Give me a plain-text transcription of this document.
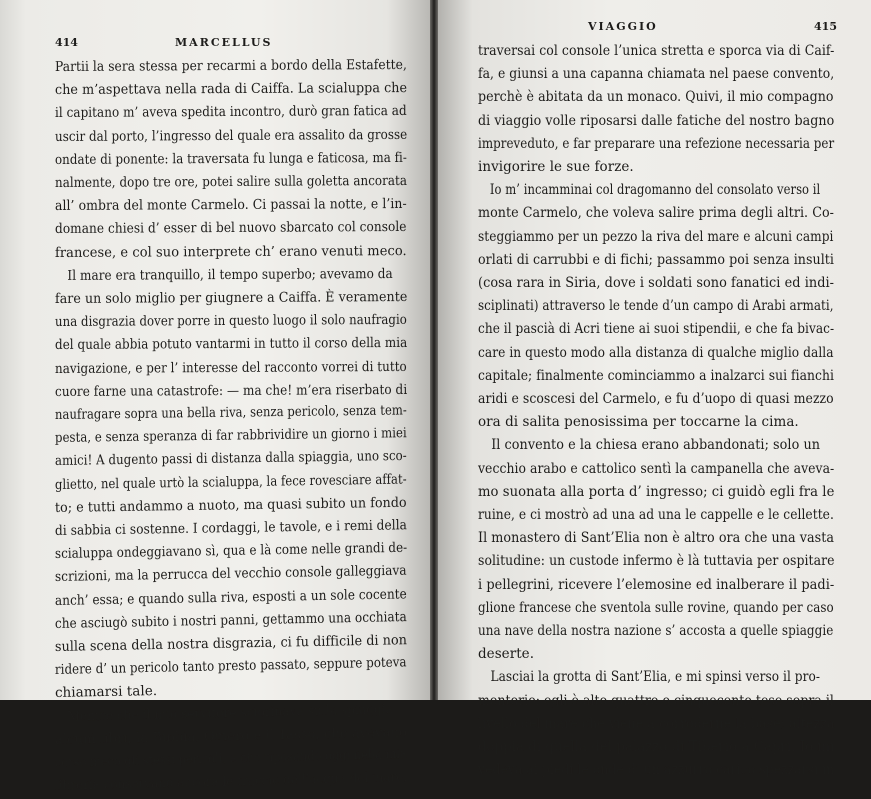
414	MARCELLUS
Partii la sera stessa per recarmi a bordo della Estafette,
che m’aspettava nella rada di Caiffa. La scialuppa che
il capitano m’ aveva spedita incontro, durò gran fatica ad
uscir dal porto, l’ingresso del quale era assalito da grosse
ondate di ponente: la traversata fu lunga e faticosa, ma fi-
nalmente, dopo tre ore, potei salire sulla goletta ancorata
all’ ombra del monte Carmelo. Ci passai la notte, e l’in-
domane chiesi d’ esser di bel nuovo sbarcato col console
francese, e col suo interprete ch’ erano venuti meco.
Il mare era tranquillo, il tempo superbo; avevamo da
fare un solo miglio per giugnere a Caiffa. È veramente
una disgrazia dover porre in questo luogo il solo naufragio
del quale abbia potuto vantarmi in tutto il corso della mia
navigazione, e per l’ interesse del racconto vorrei di tutto
cuore farne una catastrofe: — ma che! m’era riserbato di
naufragare sopra una bella riva, senza pericolo, senza tem-
pesta, e senza speranza di far rabbrividire un giorno i miei
amici! A dugento passi di distanza dalla spiaggia, uno sco-
glietto, nel quale urtò la scialuppa, la fece rovesciare affat-
to; e tutti andammo a nuoto, ma quasi subito un fondo
di sabbia ci sostenne. I cordaggi, le tavole, e i remi della
scialuppa ondeggiavano sì, qua e là come nelle grandi de-
scrizioni, ma la perrucca del vecchio console galleggiava
anch’ essa; e quando sulla riva, esposti a un sole cocente
che asciugò subito i nostri panni, gettammo una occhiata
sulla scena della nostra disgrazia, ci fu difficile di non
ridere d’ un pericolo tanto presto passato, seppure poteva
chiamarsi tale.
Mentre che il mio servitore sciorinava sulla spiaggia
alcuni libri, la Bibbia, Omero e il Tasso, che avevano
corso meco gli stessi pericoli, e che riposando oggi nella mia
libreria conservano ancora le traccie dell’acqua del mare,
VIAGGIO	415
traversai col console l’unica stretta e sporca via di Caif-
fa, e giunsi a una capanna chiamata nel paese convento,
perchè è abitata da un monaco. Quivi, il mio compagno
di viaggio volle riposarsi dalle fatiche del nostro bagno
impreveduto, e far preparare una refezione necessaria per
invigorire le sue forze.
Io m’ incamminai col dragomanno del consolato verso il
monte Carmelo, che voleva salire prima degli altri. Co-
steggiammo per un pezzo la riva del mare e alcuni campi
orlati di carrubbi e di fichi; passammo poi senza insulti
(cosa rara in Siria, dove i soldati sono fanatici ed indi-
sciplinati) attraverso le tende d’un campo di Arabi armati,
che il pascià di Acri tiene ai suoi stipendii, e che fa bivac-
care in questo modo alla distanza di qualche miglio dalla
capitale; finalmente cominciammo a inalzarci sui fianchi
aridi e scoscesi del Carmelo, e fu d’uopo di quasi mezzo
ora di salita penosissima per toccarne la cima.
Il convento e la chiesa erano abbandonati; solo un
vecchio arabo e cattolico sentì la campanella che aveva-
mo suonata alla porta d’ ingresso; ci guidò egli fra le
ruine, e ci mostrò ad una ad una le cappelle e le cellette.
Il monastero di Sant’Elia non è altro ora che una vasta
solitudine: un custode infermo è là tuttavia per ospitare
i pellegrini, ricevere l’elemosine ed inalberare il padi-
glione francese che sventola sulle rovine, quando per caso
una nave della nostra nazione s’ accosta a quelle spiaggie
deserte.
Lasciai la grotta di Sant’Elia, e mi spinsi verso il pro-
montorio: egli è alto quattro o cinquecento tese sopra il
livello del mare che viene a corroderne la base; altezza
doppia di quella del palazzo di Tiberio a Capri. Io mi
vedeva ai piedi le onde d’ un azzurro carico spezzarsi in
